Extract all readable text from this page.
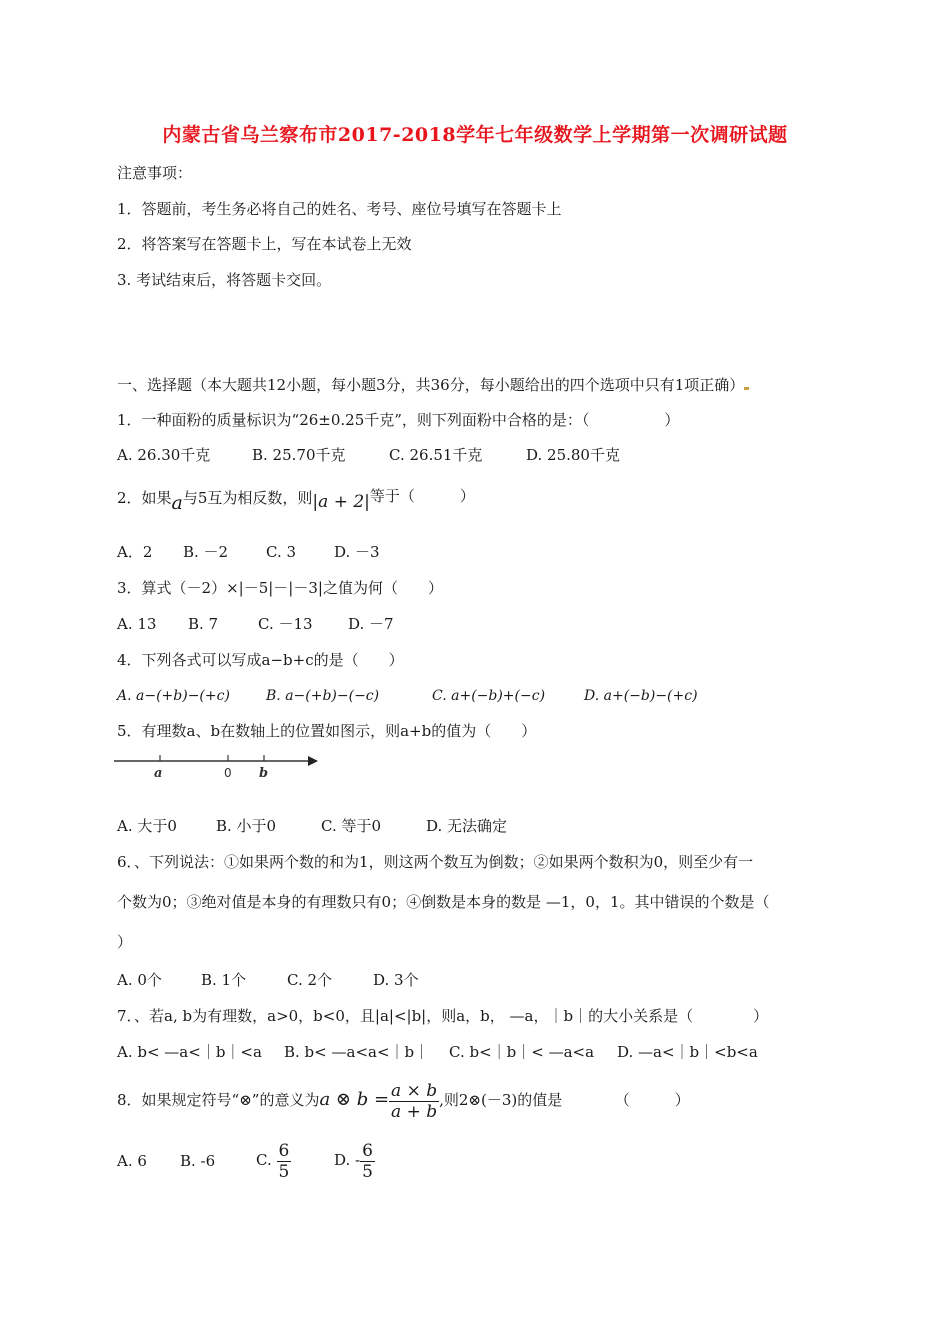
内蒙古省乌兰察布市2017-2018学年七年级数学上学期第一次调研试题
注意事项：
1．答题前，考生务必将自己的姓名、考号、座位号填写在答题卡上
2．将答案写在答题卡上，写在本试卷上无效
3. 考试结束后，将答题卡交回。
一、选择题（本大题共12小题，每小题3分，共36分，每小题给出的四个选项中只有1项正确）
1．一种面粉的质量标识为“26±0.25千克”，则下列面粉中合格的是：（　　　　　）
A. 26.30千克	B. 25.70千克	C. 26.51千克	D. 25.80千克
2．如果a与5互为相反数，则|a + 2|等于（　　　）
A．2 B. －2	C. 3	D. －3
3．算式（－2）×|－5|－|－3|之值为何（　　）
A. 13 B. 7	C. －13 D. －7
4．下列各式可以写成a−b+c的是（　　）
A. a−(+b)−(+c)	B. a−(+b)−(−c)	C. a+(−b)+(−c)	D. a+(−b)−(+c)
5．有理数a、b在数轴上的位置如图示，则a+b的值为（　　）
a	0 b
A. 大于0	B. 小于0	C. 等于0	D. 无法确定
6．、下列说法：①如果两个数的和为1，则这两个数互为倒数；②如果两个数积为0，则至少有一
个数为0；③绝对值是本身的有理数只有0；④倒数是本身的数是 —1，0，1。其中错误的个数是（
）
A. 0个	B. 1个	C. 2个	D. 3个
7．、若a, b为有理数，a>0，b<0，且|a|<|b|，则a，b， —a，｜b｜的大小关系是（　　　　）
A. b< —a<｜b｜<a B. b< —a<a<｜b｜ C. b<｜b｜< —a<a D. —a<｜b｜<b<a
8．如果规定符号“⊗”的意义为a ⊗ $b = \frac{a \times b}{a + b}$ ,则2⊗(－3)的值是　　　　（　　　）
A. 6 B. -6	C. $\frac{6}{5}$	D. - $\frac{6}{5}$
